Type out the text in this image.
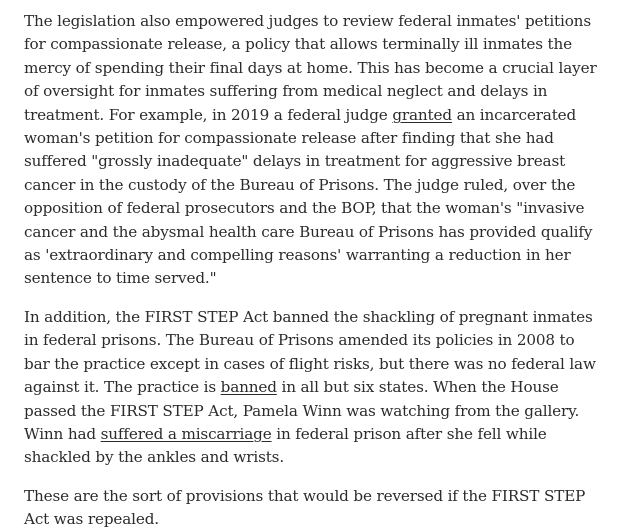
The legislation also empowered judges to review federal inmates' petitions for compassionate release, a policy that allows terminally ill inmates the mercy of spending their final days at home. This has become a crucial layer of oversight for inmates suffering from medical neglect and delays in treatment. For example, in 2019 a federal judge granted an incarcerated woman's petition for compassionate release after finding that she had suffered "grossly inadequate" delays in treatment for aggressive breast cancer in the custody of the Bureau of Prisons. The judge ruled, over the opposition of federal prosecutors and the BOP, that the woman's "invasive cancer and the abysmal health care Bureau of Prisons has provided qualify as 'extraordinary and compelling reasons' warranting a reduction in her sentence to time served."

In addition, the FIRST STEP Act banned the shackling of pregnant inmates in federal prisons. The Bureau of Prisons amended its policies in 2008 to bar the practice except in cases of flight risks, but there was no federal law against it. The practice is banned in all but six states. When the House passed the FIRST STEP Act, Pamela Winn was watching from the gallery. Winn had suffered a miscarriage in federal prison after she fell while shackled by the ankles and wrists.

These are the sort of provisions that would be reversed if the FIRST STEP Act was repealed.
